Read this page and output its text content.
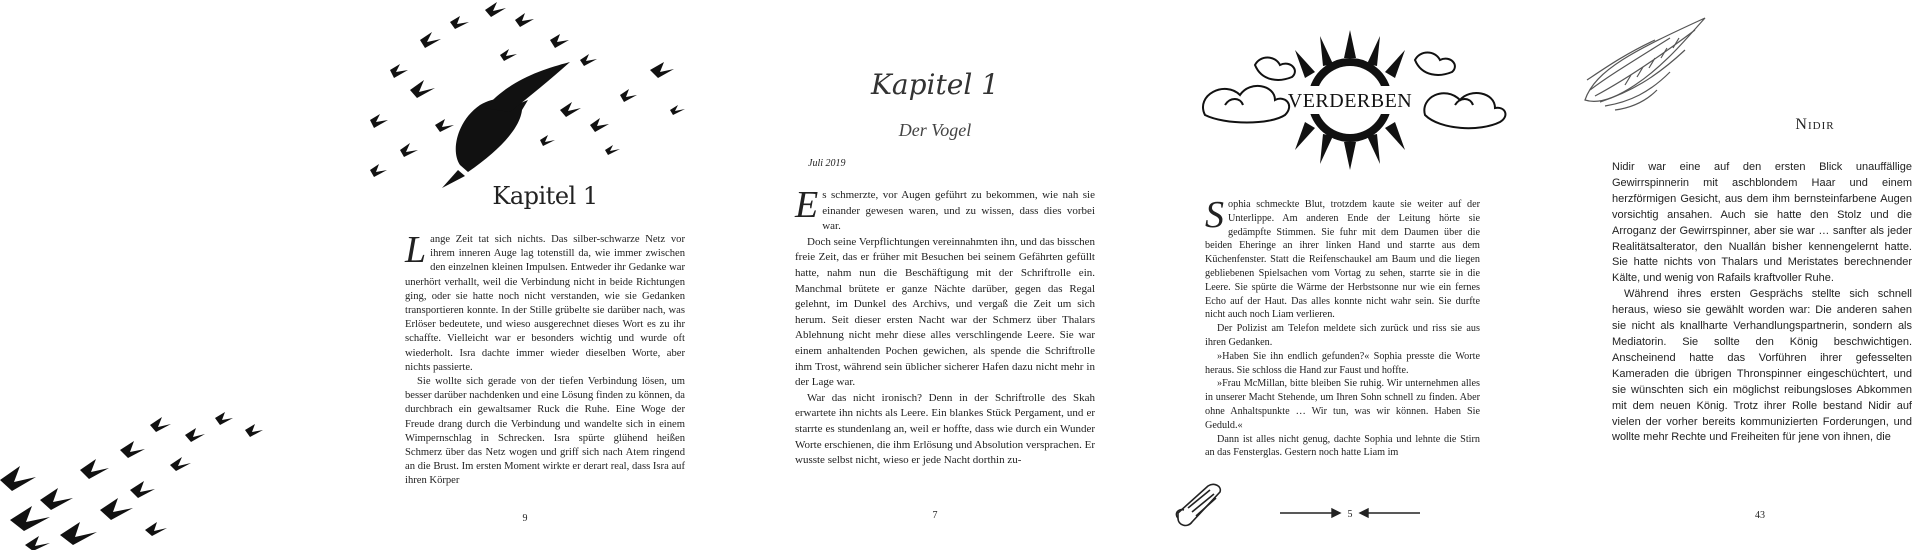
Kapitel 1

Lange Zeit tat sich nichts. Das silber-schwarze Netz vor ihrem inneren Auge lag totenstill da, wie immer zwischen den einzelnen kleinen Impulsen. Entweder ihr Gedanke war unerhört verhallt, weil die Verbindung nicht in beide Richtungen ging, oder sie hatte noch nicht verstanden, wie sie Gedanken transportieren konnte. In der Stille grübelte sie darüber nach, was Erlöser bedeutete, und wieso ausgerechnet dieses Wort es zu ihr schaffte. Vielleicht war er besonders wichtig und wurde oft wiederholt. Isra dachte immer wieder dieselben Worte, aber nichts passierte.

Sie wollte sich gerade von der tiefen Verbindung lösen, um besser darüber nachdenken und eine Lösung finden zu können, da durchbrach ein gewaltsamer Ruck die Ruhe. Eine Woge der Freude drang durch die Verbindung und wandelte sich in einem Wimpernschlag in Schrecken. Isra spürte glühend heißen Schmerz über das Netz wogen und griff sich nach Atem ringend an die Brust. Im ersten Moment wirkte er derart real, dass Isra auf ihren Körper

9
Kapitel 1
Der Vogel
Juli 2019

Es schmerzte, vor Augen geführt zu bekommen, wie nah sie einander gewesen waren, und zu wissen, dass dies vorbei war.

Doch seine Verpflichtungen vereinnahmten ihn, und das bisschen freie Zeit, das er früher mit Besuchen bei seinem Gefährten gefüllt hatte, nahm nun die Beschäftigung mit der Schriftrolle ein. Manchmal brütete er ganze Nächte darüber, gegen das Regal gelehnt, im Dunkel des Archivs, und vergaß die Zeit um sich herum. Seit dieser ersten Nacht war der Schmerz über Thalars Ablehnung nicht mehr diese alles verschlingende Leere. Sie war einem anhaltenden Pochen gewichen, als spende die Schriftrolle ihm Trost, während sein üblicher sicherer Hafen dazu nicht mehr in der Lage war.

War das nicht ironisch? Denn in der Schriftrolle des Skah erwartete ihn nichts als Leere. Ein blankes Stück Pergament, und er starrte es stundenlang an, weil er hoffte, dass wie durch ein Wunder Worte erschienen, die ihm Erlösung und Absolution versprachen. Er wusste selbst nicht, wieso er jede Nacht dorthin zu-

7
VERDERBEN

Sophia schmeckte Blut, trotzdem kaute sie weiter auf der Unterlippe. Am anderen Ende der Leitung hörte sie gedämpfte Stimmen. Sie fuhr mit dem Daumen über die beiden Eheringe an ihrer linken Hand und starrte aus dem Küchenfenster. Statt die Reifenschaukel am Baum und die liegen gebliebenen Spielsachen vom Vortag zu sehen, starrte sie in die Leere. Sie spürte die Wärme der Herbstsonne nur wie ein fernes Echo auf der Haut. Das alles konnte nicht wahr sein. Sie durfte nicht auch noch Liam verlieren.

Der Polizist am Telefon meldete sich zurück und riss sie aus ihren Gedanken.

»Haben Sie ihn endlich gefunden?« Sophia presste die Worte heraus. Sie schloss die Hand zur Faust und hoffte.

»Frau McMillan, bitte bleiben Sie ruhig. Wir unternehmen alles in unserer Macht Stehende, um Ihren Sohn schnell zu finden. Aber ohne Anhaltspunkte … Wir tun, was wir können. Haben Sie Geduld.«

Dann ist alles nicht genug, dachte Sophia und lehnte die Stirn an das Fensterglas. Gestern noch hatte Liam im

5
Nidir

Nidir war eine auf den ersten Blick unauffällige Gewirrspinnerin mit aschblondem Haar und einem herzförmigen Gesicht, aus dem ihm bernsteinfarbene Augen vorsichtig ansahen. Auch sie hatte den Stolz und die Arroganz der Gewirrspinner, aber sie war … sanfter als jeder Realitätsalterator, den Nuallán bisher kennengelernt hatte. Sie hatte nichts von Thalars und Meristates berechnender Kälte, und wenig von Rafails kraftvoller Ruhe.

Während ihres ersten Gesprächs stellte sich schnell heraus, wieso sie gewählt worden war: Die anderen sahen sie nicht als knallharte Verhandlungspartnerin, sondern als Mediatorin. Sie sollte den König beschwichtigen. Anscheinend hatte das Vorführen ihrer gefesselten Kameraden die übrigen Thronspinner eingeschüchtert, und sie wünschten sich ein möglichst reibungsloses Abkommen mit dem neuen König. Trotz ihrer Rolle bestand Nidir auf vielen der vorher bereits kommunizierten Forderungen, und wollte mehr Rechte und Freiheiten für jene von ihnen, die

43
